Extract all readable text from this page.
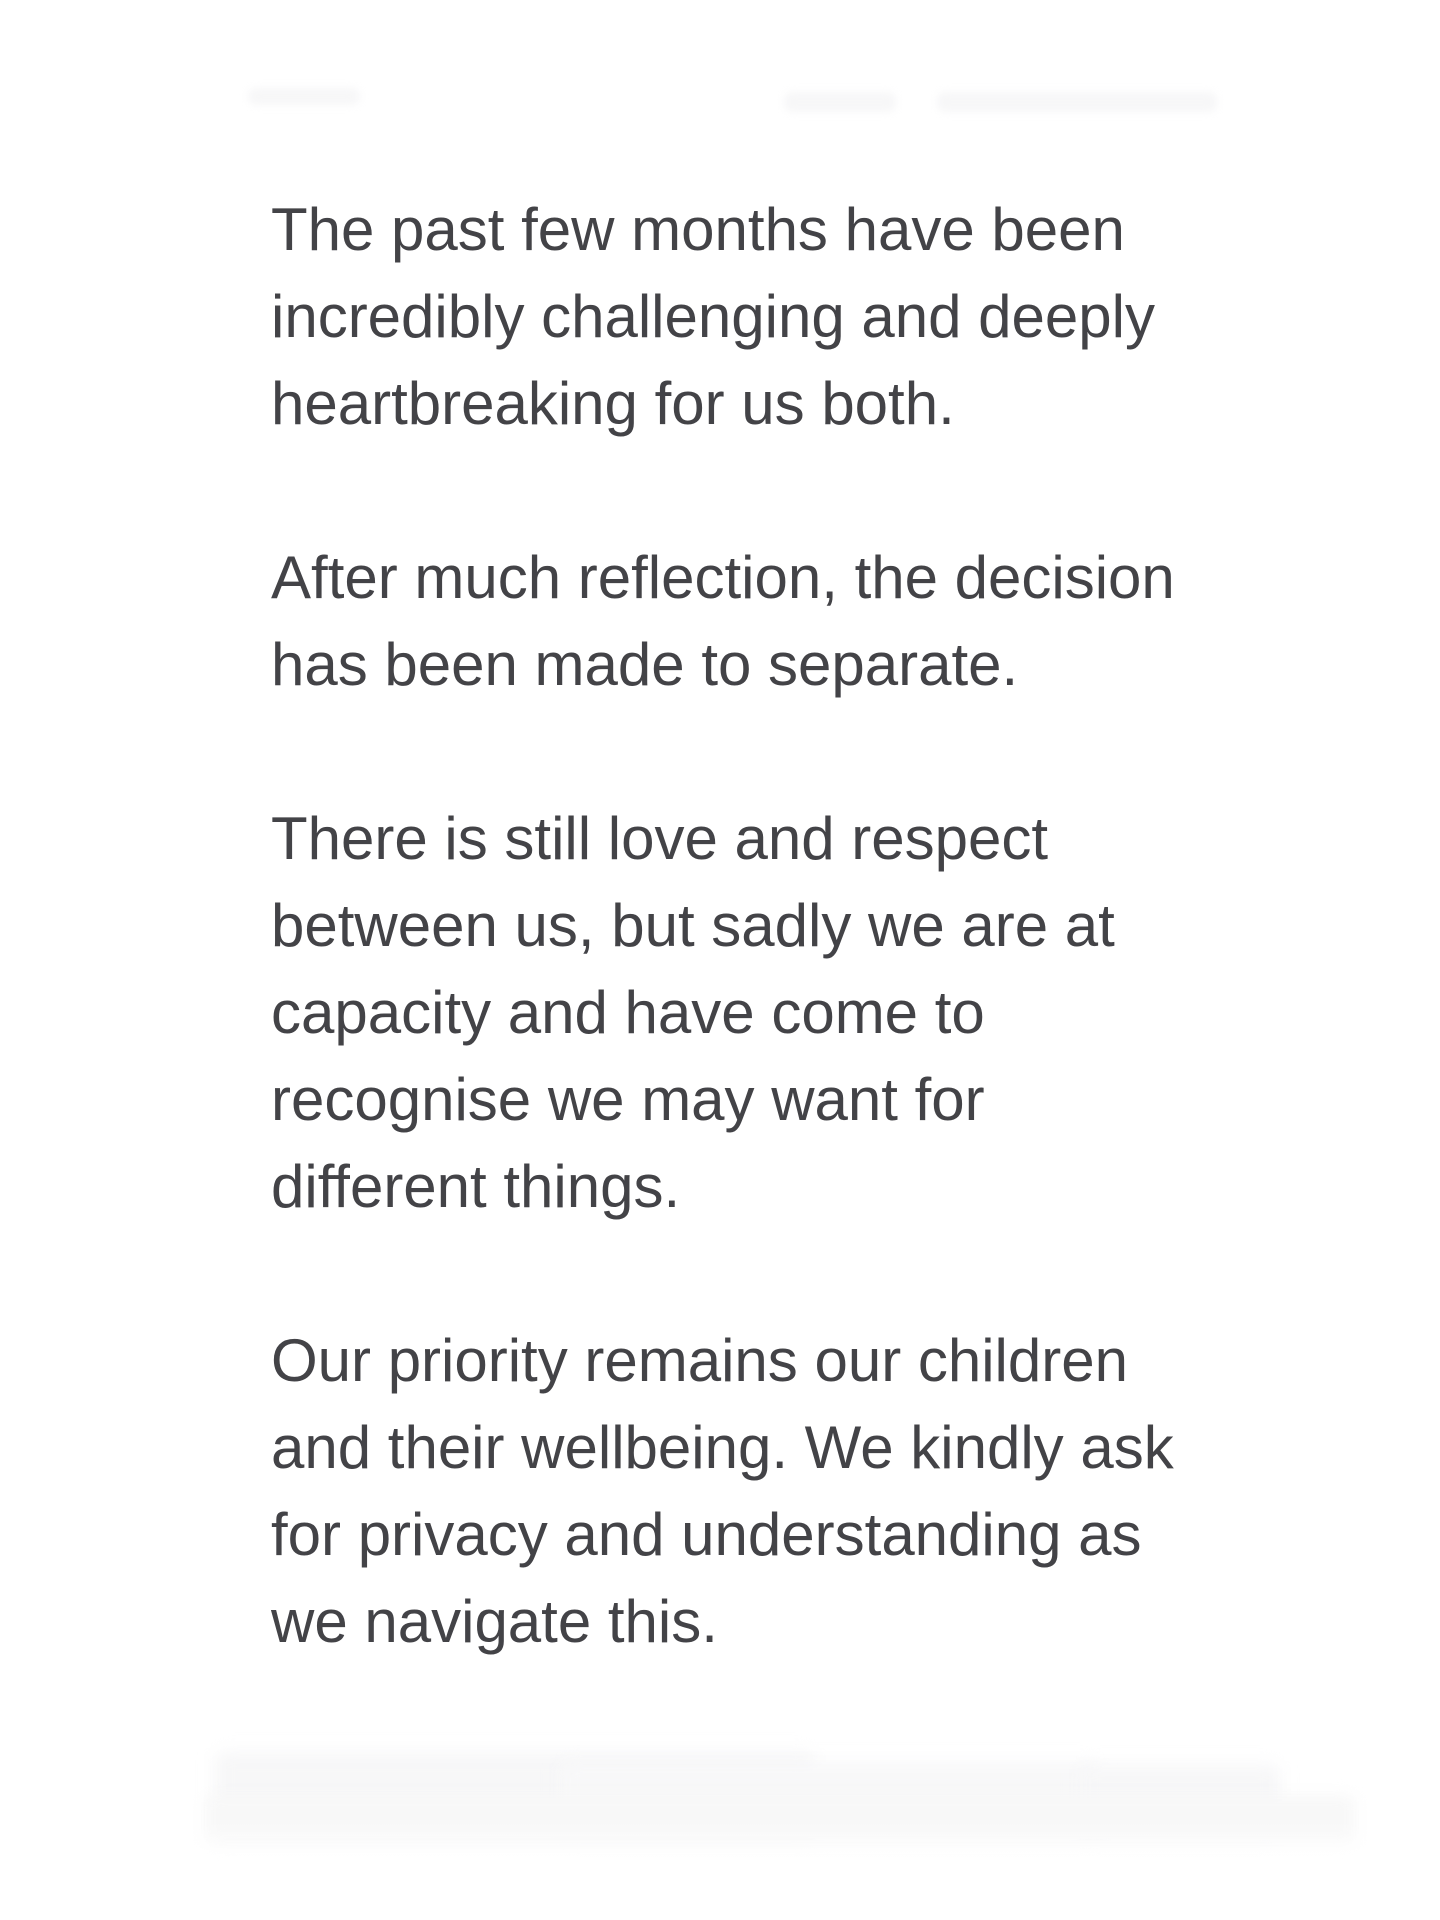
The past few months have been
incredibly challenging and deeply
heartbreaking for us both.
After much reflection, the decision
has been made to separate.
There is still love and respect
between us, but sadly we are at
capacity and have come to
recognise we may want for
different things.
Our priority remains our children
and their wellbeing. We kindly ask
for privacy and understanding as
we navigate this.
